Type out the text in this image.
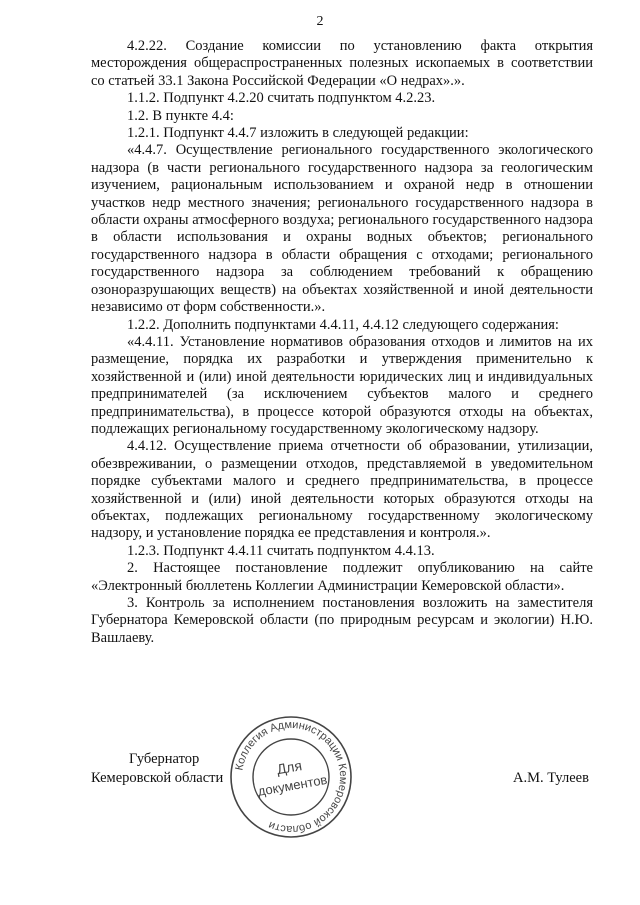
2

4.2.22. Создание комиссии по установлению факта открытия месторождения общераспространенных полезных ископаемых в соответствии со статьей 33.1 Закона Российской Федерации «О недрах».».

1.1.2. Подпункт 4.2.20 считать подпунктом 4.2.23.

1.2. В пункте 4.4:

1.2.1. Подпункт 4.4.7 изложить в следующей редакции:

«4.4.7. Осуществление регионального государственного экологического надзора (в части регионального государственного надзора за геологическим изучением, рациональным использованием и охраной недр в отношении участков недр местного значения; регионального государственного надзора в области охраны атмосферного воздуха; регионального государственного надзора в области использования и охраны водных объектов; регионального государственного надзора в области обращения с отходами; регионального государственного надзора за соблюдением требований к обращению озоноразрушающих веществ) на объектах хозяйственной и иной деятельности независимо от форм собственности.».

1.2.2. Дополнить подпунктами 4.4.11, 4.4.12 следующего содержания:

«4.4.11. Установление нормативов образования отходов и лимитов на их размещение, порядка их разработки и утверждения применительно к хозяйственной и (или) иной деятельности юридических лиц и индивидуальных предпринимателей (за исключением субъектов малого и среднего предпринимательства), в процессе которой образуются отходы на объектах, подлежащих региональному государственному экологическому надзору.

4.4.12. Осуществление приема отчетности об образовании, утилизации, обезвреживании, о размещении отходов, представляемой в уведомительном порядке субъектами малого и среднего предпринимательства, в процессе хозяйственной и (или) иной деятельности которых образуются отходы на объектах, подлежащих региональному государственному экологическому надзору, и установление порядка ее представления и контроля.».

1.2.3. Подпункт 4.4.11 считать подпунктом 4.4.13.

2. Настоящее постановление подлежит опубликованию на сайте «Электронный бюллетень Коллегии Администрации Кемеровской области».

3. Контроль за исполнением постановления возложить на заместителя Губернатора Кемеровской области (по природным ресурсам и экологии) Н.Ю. Вашлаеву.

Губернатор
Кемеровской области	А.М. Тулеев
Коллегия Администрации Кемеровской области
Для
документов
